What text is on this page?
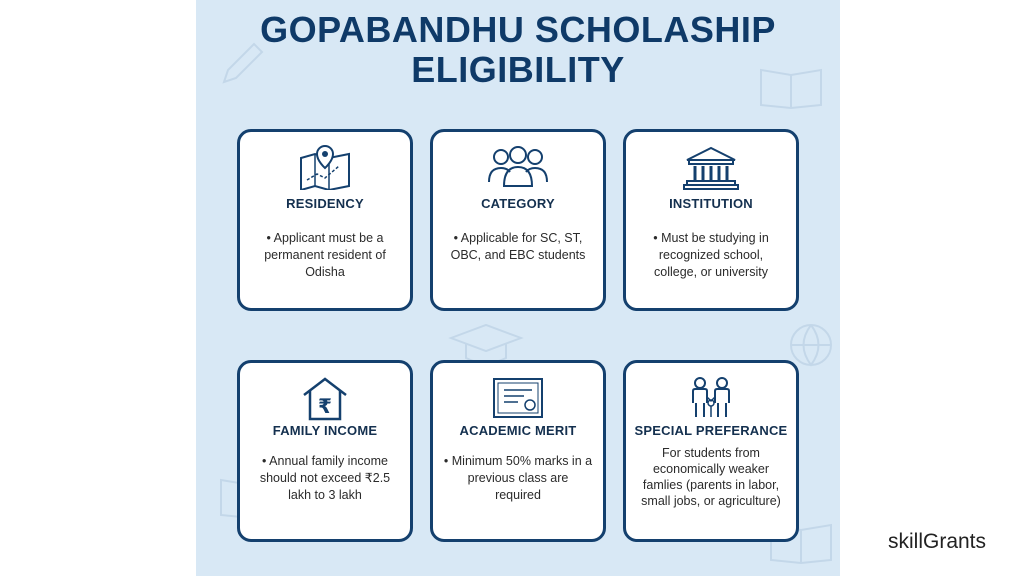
GOPABANDHU SCHOLASHIP
ELIGIBILITY
RESIDENCY
• Applicant must be a permanent resident of Odisha
CATEGORY
• Applicable for SC, ST, OBC, and EBC students
INSTITUTION
• Must be studying in recognized school, college, or university
₹
FAMILY INCOME
• Annual family income should not exceed ₹2.5 lakh to 3 lakh
ACADEMIC MERIT
• Minimum 50% marks in a previous class are required
SPECIAL PREFERANCE
For students from economically weaker famlies (parents in labor, small jobs, or agriculture)
skillGrants
